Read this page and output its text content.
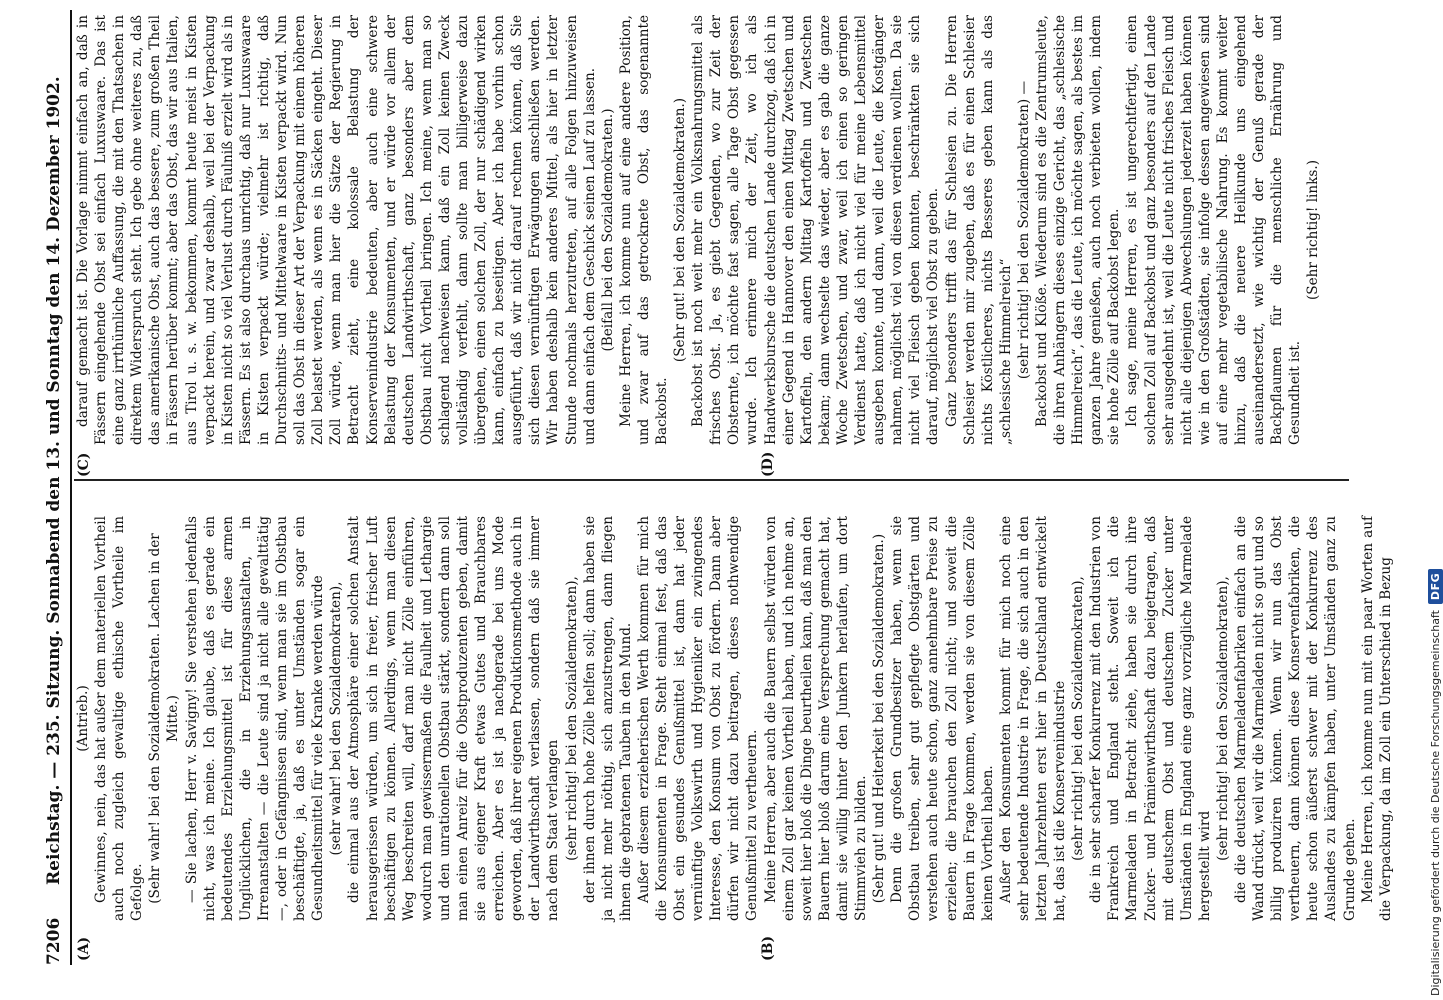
7206
Reichstag. — 235. Sitzung. Sonnabend den 13. und Sonntag den 14. Dezember 1902.
(A)	(B)
(C)	(D)

(Antrieb.) Gewinnes, nein, das hat außer dem materiellen Vortheil auch noch zugleich gewaltige ethische Vortheile im Gefolge. (Sehr wahr! bei den Sozialdemokraten. Lachen in der Mitte.) — Sie lachen, Herr v. Savigny! Sie verstehen jedenfalls nicht, was ich meine. Ich glaube, daß es gerade ein bedeutendes Erziehungsmittel ist für diese armen Unglücklichen, die in Erziehungsanstalten, in Irrenanstalten — die Leute sind ja nicht alle gewalttätig —, oder in Gefängnissen sind, wenn man sie im Obstbau beschäftigte, ja, daß es unter Umständen sogar ein Gesundheitsmittel für viele Kranke werden würde (sehr wahr! bei den Sozialdemokraten), die einmal aus der Atmosphäre einer solchen Anstalt herausgerissen würden, um sich in freier, frischer Luft beschäftigen zu können. Allerdings, wenn man diesen Weg beschreiten will, darf man nicht Zölle einführen, wodurch man gewissermaßen die Faulheit und Lethargie und den unrationellen Obstbau stärkt, sondern dann soll man einen Anreiz für die Obstproduzenten geben, damit sie aus eigener Kraft etwas Gutes und Brauchbares erreichen. Aber es ist ja nachgerade bei uns Mode geworden, daß ihrer eigenen Produktionsmethode auch in der Landwirthschaft verlassen, sondern daß sie immer nach dem Staat verlangen (sehr richtig! bei den Sozialdemokraten), der ihnen durch hohe Zölle helfen soll; dann haben sie ja nicht mehr nöthig, sich anzustrengen, dann fliegen ihnen die gebratenen Tauben in den Mund. Außer diesem erzieherischen Werth kommen für mich die Konsumenten in Frage. Steht einmal fest, daß das Obst ein gesundes Genußmittel ist, dann hat jeder vernünftige Volkswirth und Hygieniker ein zwingendes Interesse, den Konsum von Obst zu fördern. Dann aber dürfen wir nicht dazu beitragen, dieses nothwendige Genußmittel zu vertheuern. Meine Herren, aber auch die Bauern selbst würden von einem Zoll gar keinen Vortheil haben, und ich nehme an, soweit hier bloß die Dinge beurtheilen kann, daß man den Bauern hier bloß darum eine Versprechung gemacht hat, damit sie willig hinter den Junkern herlaufen, um dort Stimmvieh zu bilden. (Sehr gut! und Heiterkeit bei den Sozialdemokraten.) Denn die großen Grundbesitzer haben, wenn sie Obstbau treiben, sehr gut gepflegte Obstgärten und verstehen auch heute schon, ganz annehmbare Preise zu erzielen; die brauchen den Zoll nicht; und soweit die Bauern in Frage kommen, werden sie von diesem Zölle keinen Vortheil haben. Außer den Konsumenten kommt für mich noch eine sehr bedeutende Industrie in Frage, die sich auch in den letzten Jahrzehnten erst hier in Deutschland entwickelt hat, das ist die Konservenindustrie (sehr richtig! bei den Sozialdemokraten), die in sehr scharfer Konkurrenz mit den Industrien von Frankreich und England steht. Soweit ich die Marmeladen in Betracht ziehe, haben sie durch ihre Zucker- und Prämienwirthschaft dazu beigetragen, daß mit deutschem Obst und deutschem Zucker unter Umständen in England eine ganz vorzügliche Marmelade hergestellt wird

(sehr richtig! bei den Sozialdemokraten), die die deutschen Marmeladenfabriken einfach an die Wand drückt, weil wir die Marmeladen nicht so gut und so billig produziren können. Wenn wir nun das Obst vertheuern, dann können diese Konservenfabriken, die heute schon äußerst schwer mit der Konkurrenz des Auslandes zu kämpfen haben, unter Umständen ganz zu Grunde gehen. Meine Herren, ich komme nun mit ein paar Worten auf die Verpackung, da im Zoll ein Unterschied in Bezug

darauf gemacht ist. Die Vorlage nimmt einfach an, daß in Fässern eingehende Obst sei einfach Luxuswaare. Das ist eine ganz irrthümliche Auffassung, die mit den Thatsachen in direktem Widerspruch steht. Ich gebe ohne weiteres zu, daß das amerikanische Obst, auch das bessere, zum großen Theil in Fässern herüber kommt; aber das Obst, das wir aus Italien, aus Tirol u. s. w. bekommen, kommt heute meist in Kisten verpackt herein, und zwar deshalb, weil bei der Verpackung in Kisten nicht so viel Verlust durch Fäulniß erzielt wird als in Fässern. Es ist also durchaus unrichtig, daß nur Luxuswaare in Kisten verpackt würde; vielmehr ist richtig, daß Durchschnitts- und Mittelwaare in Kisten verpackt wird. Nun soll das Obst in dieser Art der Verpackung mit einem höheren Zoll belastet werden, als wenn es in Säcken eingeht. Dieser Zoll würde, wenn man hier die Sätze der Regierung in Betracht zieht, eine kolossale Belastung der Konservenindustrie bedeuten, aber auch eine schwere Belastung der Konsumenten, und er würde vor allem der deutschen Landwirthschaft, ganz besonders aber dem Obstbau nicht Vortheil bringen. Ich meine, wenn man so schlagend nachweisen kann, daß ein Zoll keinen Zweck vollständig verfehlt, dann sollte man billigerweise dazu übergehen, einen solchen Zoll, der nur schädigend wirken kann, einfach zu beseitigen. Aber ich habe vorhin schon ausgeführt, daß wir nicht darauf rechnen können, daß Sie sich diesen vernünftigen Erwägungen anschließen werden. Wir haben deshalb kein anderes Mittel, als hier in letzter Stunde nochmals herzutreten, auf alle Folgen hinzuweisen und dann einfach dem Geschick seinen Lauf zu lassen. (Beifall bei den Sozialdemokraten.) Meine Herren, ich komme nun auf eine andere Position, und zwar auf das getrocknete Obst, das sogenannte Backobst.

(Sehr gut! bei den Sozialdemokraten.) Backobst ist noch weit mehr ein Volksnahrungsmittel als frisches Obst. Ja, es giebt Gegenden, wo zur Zeit der Obsternte, ich möchte fast sagen, alle Tage Obst gegessen wurde. Ich erinnere mich der Zeit, wo ich als Handwerksbursche die deutschen Lande durchzog, daß ich in einer Gegend in Hannover den einen Mittag Zwetschen und Kartoffeln, den andern Mittag Kartoffeln und Zwetschen bekam; dann wechselte das wieder, aber es gab die ganze Woche Zwetschen, und zwar, weil ich einen so geringen Verdienst hatte, daß ich nicht viel für meine Lebensmittel ausgeben konnte, und dann, weil die Leute, die Kostgänger nahmen, möglichst viel von diesen verdienen wollten. Da sie nicht viel Fleisch geben konnten, beschränkten sie sich darauf, möglichst viel Obst zu geben. Ganz besonders trifft das für Schlesien zu. Die Herren Schlesier werden mir zugeben, daß es für einen Schlesier nichts Köstlicheres, nichts Besseres geben kann als das „schlesische Himmelreich“ (sehr richtig! bei den Sozialdemokraten) — Backobst und Klöße. Wiederum sind es die Zentrumsleute, die ihren Anhängern dieses einzige Gericht, das „schlesische Himmelreich“, das die Leute, ich möchte sagen, als bestes im ganzen Jahre genießen, auch noch verbieten wollen, indem sie hohe Zölle auf Backobst legen. Ich sage, meine Herren, es ist ungerechtfertigt, einen solchen Zoll auf Backobst und ganz besonders auf den Lande sehr ausgedehnt ist, weil die Leute nicht frisches Fleisch und nicht alle diejenigen Abwechslungen jederzeit haben können wie in den Großstädten, sie infolge dessen angewiesen sind auf eine mehr vegetabilische Nahrung. Es kommt weiter hinzu, daß die neuere Heilkunde uns eingehend auseinandersetzt, wie wichtig der Genuß gerade der Backpflaumen für die menschliche Ernährung und Gesundheit ist.

(Sehr richtig! links.)

Digitalisierung gefördert durch die Deutsche Forschungsgemeinschaft
DFG
